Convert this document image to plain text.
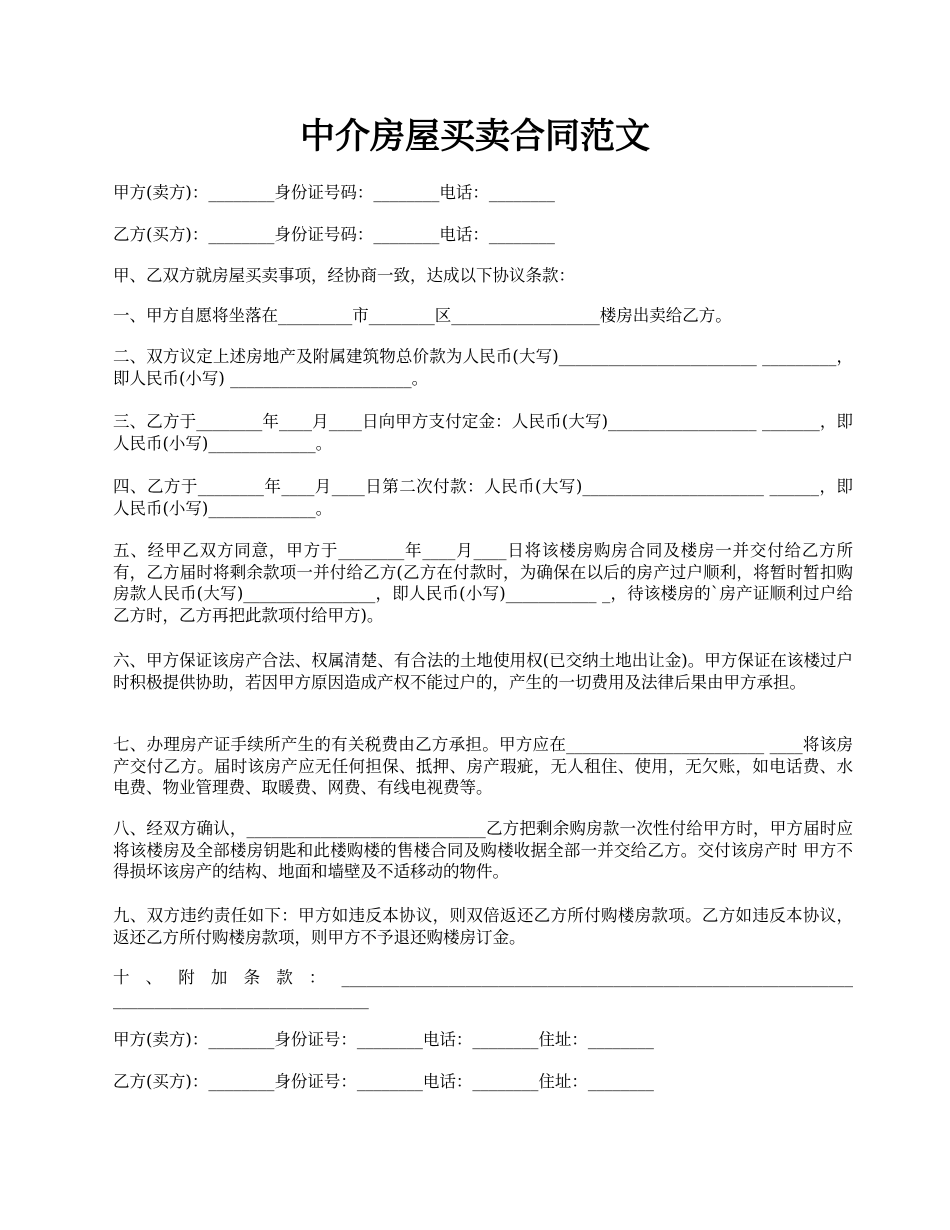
中介房屋买卖合同范文

甲方(卖方)：________身份证号码：________电话：________

乙方(买方)：________身份证号码：________电话：________

甲、乙双方就房屋买卖事项，经协商一致，达成以下协议条款：

一、甲方自愿将坐落在_________市________区__________________楼房出卖给乙方。

二、双方议定上述房地产及附属建筑物总价款为人民币(大写)________________________ _________， 即人民币(小写) ______________________。

三、乙方于________年____月____日向甲方支付定金：人民币(大写)__________________ _______，即人民币(小写)_____________。

四、乙方于________年____月____日第二次付款：人民币(大写)______________________ ______，即人民币(小写)_____________。

五、经甲乙双方同意，甲方于________年____月____日将该楼房购房合同及楼房一并交付给乙方所有，乙方届时将剩余款项一并付给乙方(乙方在付款时，为确保在以后的房产过户顺利，将暂时暂扣购房款人民币(大写)________________，即人民币(小写)___________ _，待该楼房的`房产证顺利过户给乙方时，乙方再把此款项付给甲方)。

六、甲方保证该房产合法、权属清楚、有合法的土地使用权(已交纳土地出让金)。甲方保证在该楼过户时积极提供协助，若因甲方原因造成产权不能过户的，产生的一切费用及法律后果由甲方承担。

七、办理房产证手续所产生的有关税费由乙方承担。甲方应在________________________ ____将该房产交付乙方。届时该房产应无任何担保、抵押、房产瑕疵，无人租住、使用，无欠账，如电话费、水电费、物业管理费、取暖费、网费、有线电视费等。

八、经双方确认，_____________________________乙方把剩余购房款一次性付给甲方时，甲方届时应将该楼房及全部楼房钥匙和此楼购楼的售楼合同及购楼收据全部一并交给乙方。交付该房产时 甲方不得损坏该房产的结构、地面和墙壁及不适移动的物件。

九、双方违约责任如下：甲方如违反本协议，则双倍返还乙方所付购楼房款项。乙方如违反本协议，返还乙方所付购楼房款项，则甲方不予退还购楼房订金。

十、附加条款：______________________________________________________________ _______________________________

甲方(卖方)：________身份证号：________电话：________住址：________

乙方(买方)：________身份证号：________电话：________住址：________
